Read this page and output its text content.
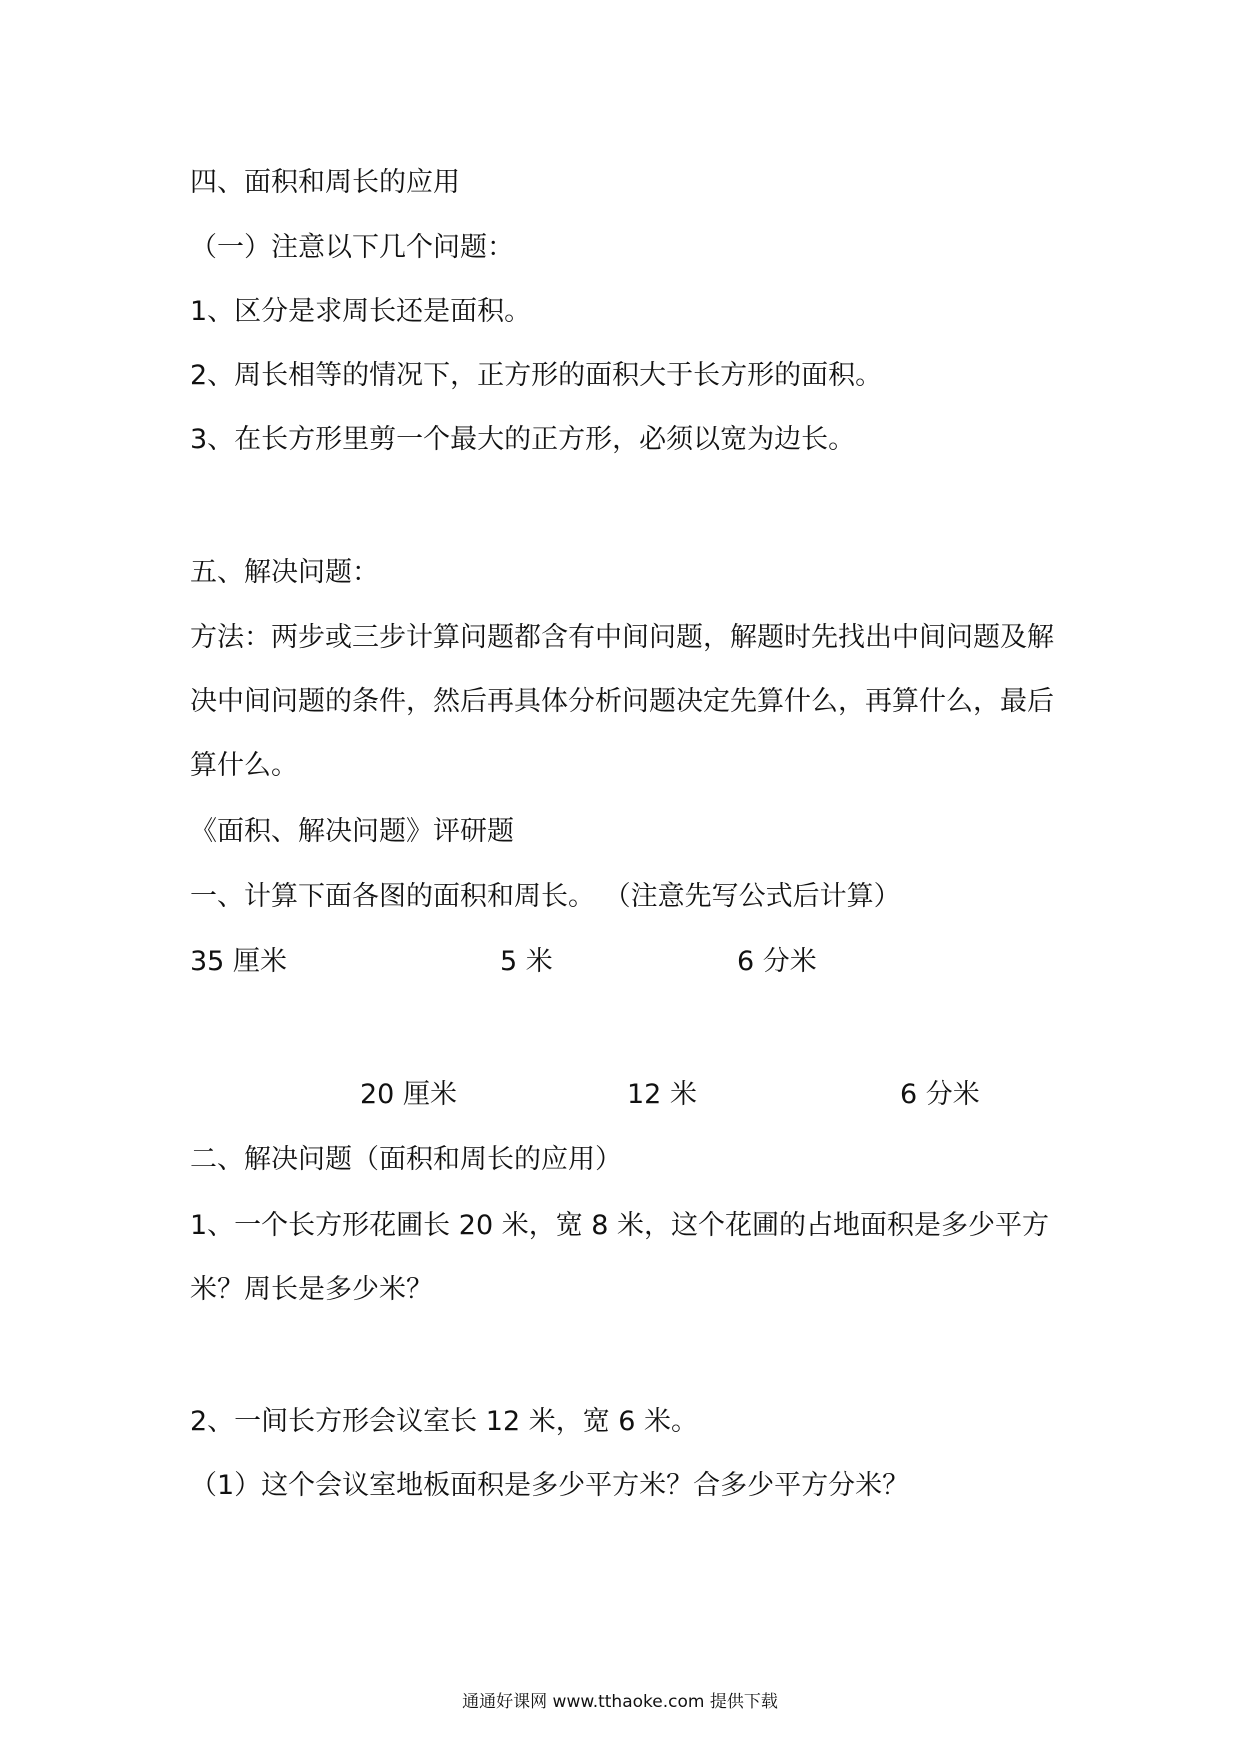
四、面积和周长的应用
（一）注意以下几个问题：
1、区分是求周长还是面积。
2、周长相等的情况下，正方形的面积大于长方形的面积。
3、在长方形里剪一个最大的正方形，必须以宽为边长。
五、解决问题：
方法：两步或三步计算问题都含有中间问题，解题时先找出中间问题及解决中间问题的条件，然后再具体分析问题决定先算什么，再算什么，最后算什么。
《面积、解决问题》评研题
一、计算下面各图的面积和周长。 （注意先写公式后计算）
35 厘米	5 米	6 分米
20 厘米	12 米	6 分米
二、解决问题（面积和周长的应用）
1、一个长方形花圃长 20 米，宽 8 米，这个花圃的占地面积是多少平方米？周长是多少米？
2、一间长方形会议室长 12 米，宽 6 米。
（1）这个会议室地板面积是多少平方米？合多少平方分米？
通通好课网 www.tthaoke.com 提供下载
